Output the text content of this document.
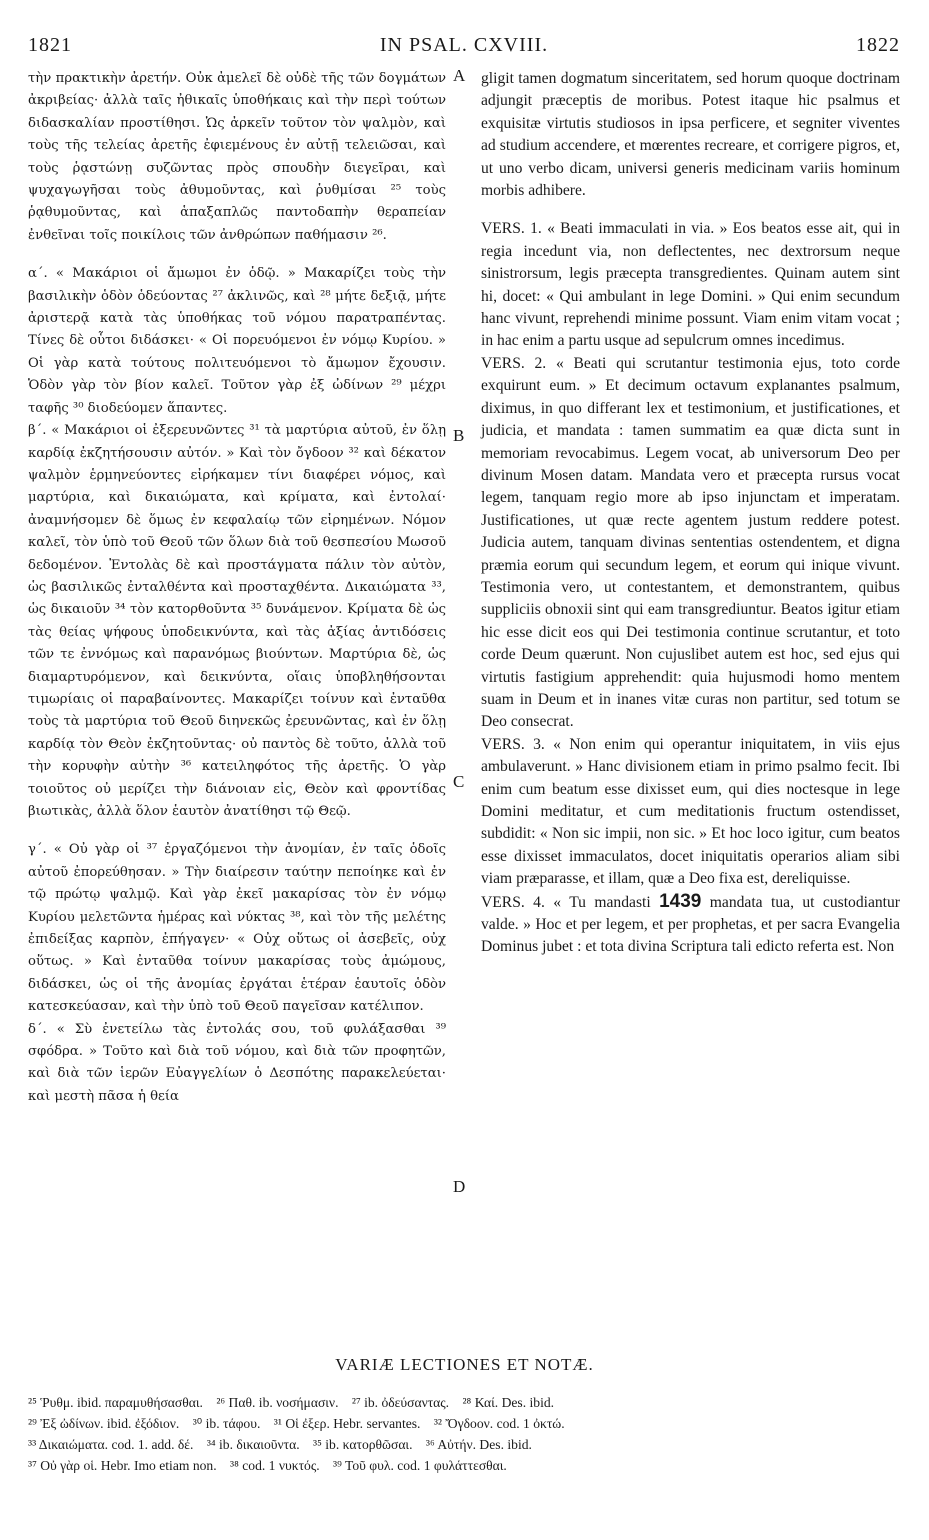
1821	IN PSAL. CXVIII.	1822

τὴν πρακτικὴν ἀρετήν. Οὐκ ἀμελεῖ δὲ οὐδὲ τῆς τῶν δογμάτων ἀκριβείας· ἀλλὰ ταῖς ἠθικαῖς ὑποθήκαις καὶ τὴν περὶ τούτων διδασκαλίαν προστίθησι. Ὡς ἀρκεῖν τοῦτον τὸν ψαλμὸν, καὶ τοὺς τῆς τελείας ἀρετῆς ἐφιεμένους ἐν αὐτῇ τελειῶσαι, καὶ τοὺς ῥᾳστώνῃ συζῶντας πρὸς σπουδὴν διεγεῖραι, καὶ ψυχαγωγῆσαι τοὺς ἀθυμοῦντας, καὶ ῥυθμίσαι ²⁵ τοὺς ῥᾳθυμοῦντας, καὶ ἁπαξαπλῶς παντοδαπὴν θεραπείαν ἐνθεῖναι τοῖς ποικίλοις τῶν ἀνθρώπων παθήμασιν ²⁶.

α΄. « Μακάριοι οἱ ἄμωμοι ἐν ὁδῷ. » Μακαρίζει τοὺς τὴν βασιλικὴν ὁδὸν ὁδεύοντας ²⁷ ἀκλινῶς, καὶ ²⁸ μήτε δεξιᾷ, μήτε ἀριστερᾷ κατὰ τὰς ὑποθήκας τοῦ νόμου παρατραπέντας. Τίνες δὲ οὗτοι διδάσκει· « Οἱ πορευόμενοι ἐν νόμῳ Κυρίου. » Οἱ γὰρ κατὰ τούτους πολιτευόμενοι τὸ ἄμωμον ἔχουσιν. Ὁδὸν γὰρ τὸν βίον καλεῖ. Τοῦτον γὰρ ἐξ ὠδίνων ²⁹ μέχρι ταφῆς ³⁰ διοδεύομεν ἅπαντες.

β΄. « Μακάριοι οἱ ἐξερευνῶντες ³¹ τὰ μαρτύρια αὐτοῦ, ἐν ὅλῃ καρδίᾳ ἐκζητήσουσιν αὐτόν. » Καὶ τὸν ὄγδοον ³² καὶ δέκατον ψαλμὸν ἑρμηνεύοντες εἰρήκαμεν τίνι διαφέρει νόμος, καὶ μαρτύρια, καὶ δικαιώματα, καὶ κρίματα, καὶ ἐντολαί· ἀναμνήσομεν δὲ ὅμως ἐν κεφαλαίῳ τῶν εἰρημένων. Νόμον καλεῖ, τὸν ὑπὸ τοῦ Θεοῦ τῶν ὅλων διὰ τοῦ θεσπεσίου Μωσοῦ δεδομένον. Ἐντολὰς δὲ καὶ προστάγματα πάλιν τὸν αὐτὸν, ὡς βασιλικῶς ἐνταλθέντα καὶ προσταχθέντα. Δικαιώματα ³³, ὡς δικαιοῦν ³⁴ τὸν κατορθοῦντα ³⁵ δυνάμενον. Κρίματα δὲ ὡς τὰς θείας ψήφους ὑποδεικνύντα, καὶ τὰς ἀξίας ἀντιδόσεις τῶν τε ἐννόμως καὶ παρανόμως βιούντων. Μαρτύρια δὲ, ὡς διαμαρτυρόμενον, καὶ δεικνύντα, οἵαις ὑποβληθήσονται τιμωρίαις οἱ παραβαίνοντες. Μακαρίζει τοίνυν καὶ ἐνταῦθα τοὺς τὰ μαρτύρια τοῦ Θεοῦ διηνεκῶς ἐρευνῶντας, καὶ ἐν ὅλῃ καρδίᾳ τὸν Θεὸν ἐκζητοῦντας· οὐ παντὸς δὲ τοῦτο, ἀλλὰ τοῦ τὴν κορυφὴν αὐτὴν ³⁶ κατειληφότος τῆς ἀρετῆς. Ὁ γὰρ τοιοῦτος οὐ μερίζει τὴν διάνοιαν εἰς, Θεὸν καὶ φροντίδας βιωτικὰς, ἀλλὰ ὅλον ἑαυτὸν ἀνατίθησι τῷ Θεῷ.

γ΄. « Οὐ γὰρ οἱ ³⁷ ἐργαζόμενοι τὴν ἀνομίαν, ἐν ταῖς ὁδοῖς αὐτοῦ ἐπορεύθησαν. » Τὴν διαίρεσιν ταύτην πεποίηκε καὶ ἐν τῷ πρώτῳ ψαλμῷ. Καὶ γὰρ ἐκεῖ μακαρίσας τὸν ἐν νόμῳ Κυρίου μελετῶντα ἡμέρας καὶ νύκτας ³⁸, καὶ τὸν τῆς μελέτης ἐπιδείξας καρπὸν, ἐπήγαγεν· « Οὐχ οὕτως οἱ ἀσεβεῖς, οὐχ οὕτως. » Καὶ ἐνταῦθα τοίνυν μακαρίσας τοὺς ἀμώμους, διδάσκει, ὡς οἱ τῆς ἀνομίας ἐργάται ἑτέραν ἑαυτοῖς ὁδὸν κατεσκεύασαν, καὶ τὴν ὑπὸ τοῦ Θεοῦ παγεῖσαν κατέλιπον.

δ΄. « Σὺ ἐνετείλω τὰς ἐντολάς σου, τοῦ φυλάξασθαι ³⁹ σφόδρα. » Τοῦτο καὶ διὰ τοῦ νόμου, καὶ διὰ τῶν προφητῶν, καὶ διὰ τῶν ἱερῶν Εὐαγγελίων ὁ Δεσπότης παρακελεύεται· καὶ μεστὴ πᾶσα ἡ θεία

A
B
C
D

gligit tamen dogmatum sinceritatem, sed horum quoque doctrinam adjungit præceptis de moribus. Potest itaque hic psalmus et exquisitæ virtutis studiosos in ipsa perficere, et segniter viventes ad studium accendere, et mœrentes recreare, et corrigere pigros, et, ut uno verbo dicam, universi generis medicinam variis hominum morbis adhibere.

VERS. 1. « Beati immaculati in via. » Eos beatos esse ait, qui in regia incedunt via, non deflectentes, nec dextrorsum neque sinistrorsum, legis præcepta transgredientes. Quinam autem sint hi, docet: « Qui ambulant in lege Domini. » Qui enim secundum hanc vivunt, reprehendi minime possunt. Viam enim vitam vocat ; in hac enim a partu usque ad sepulcrum omnes incedimus.

VERS. 2. « Beati qui scrutantur testimonia ejus, toto corde exquirunt eum. » Et decimum octavum explanantes psalmum, diximus, in quo differant lex et testimonium, et justificationes, et judicia, et mandata : tamen summatim ea quæ dicta sunt in memoriam revocabimus. Legem vocat, ab universorum Deo per divinum Mosen datam. Mandata vero et præcepta rursus vocat legem, tanquam regio more ab ipso injunctam et imperatam. Justificationes, ut quæ recte agentem justum reddere potest. Judicia autem, tanquam divinas sententias ostendentem, et digna præmia eorum qui secundum legem, et eorum qui inique vivunt. Testimonia vero, ut contestantem, et demonstrantem, quibus suppliciis obnoxii sint qui eam transgrediuntur. Beatos igitur etiam hic esse dicit eos qui Dei testimonia continue scrutantur, et toto corde Deum quærunt. Non cujuslibet autem est hoc, sed ejus qui virtutis fastigium apprehendit: quia hujusmodi homo mentem suam in Deum et in inanes vitæ curas non partitur, sed totum se Deo consecrat.

VERS. 3. « Non enim qui operantur iniquitatem, in viis ejus ambulaverunt. » Hanc divisionem etiam in primo psalmo fecit. Ibi enim cum beatum esse dixisset eum, qui dies noctesque in lege Domini meditatur, et cum meditationis fructum ostendisset, subdidit: « Non sic impii, non sic. » Et hoc loco igitur, cum beatos esse dixisset immaculatos, docet iniquitatis operarios aliam sibi viam præparasse, et illam, quæ a Deo fixa est, dereliquisse.

VERS. 4. « Tu mandasti 1439 mandata tua, ut custodiantur valde. » Hoc et per legem, et per prophetas, et per sacra Evangelia Dominus jubet : et tota divina Scriptura tali edicto referta est. Non

VARIÆ LECTIONES ET NOTÆ.

²⁵ Ῥυθμ. ibid. παραμυθήσασθαι. ²⁶ Παθ. ib. νοσήμασιν. ²⁷ ib. ὀδεύσαντας. ²⁸ Καί. Des. ibid.

²⁹ Ἐξ ὠδίνων. ibid. ἐξόδιον. ³⁰ ib. τάφου. ³¹ Οἱ ἐξερ. Hebr. servantes. ³² Ὄγδοον. cod. 1 ὀκτώ.

³³ Δικαιώματα. cod. 1. add. δέ. ³⁴ ib. δικαιοῦντα. ³⁵ ib. κατορθῶσαι. ³⁶ Αὐτήν. Des. ibid.

³⁷ Οὐ γὰρ οἱ. Hebr. Imo etiam non. ³⁸ cod. 1 νυκτός. ³⁹ Τοῦ φυλ. cod. 1 φυλάττεσθαι.
